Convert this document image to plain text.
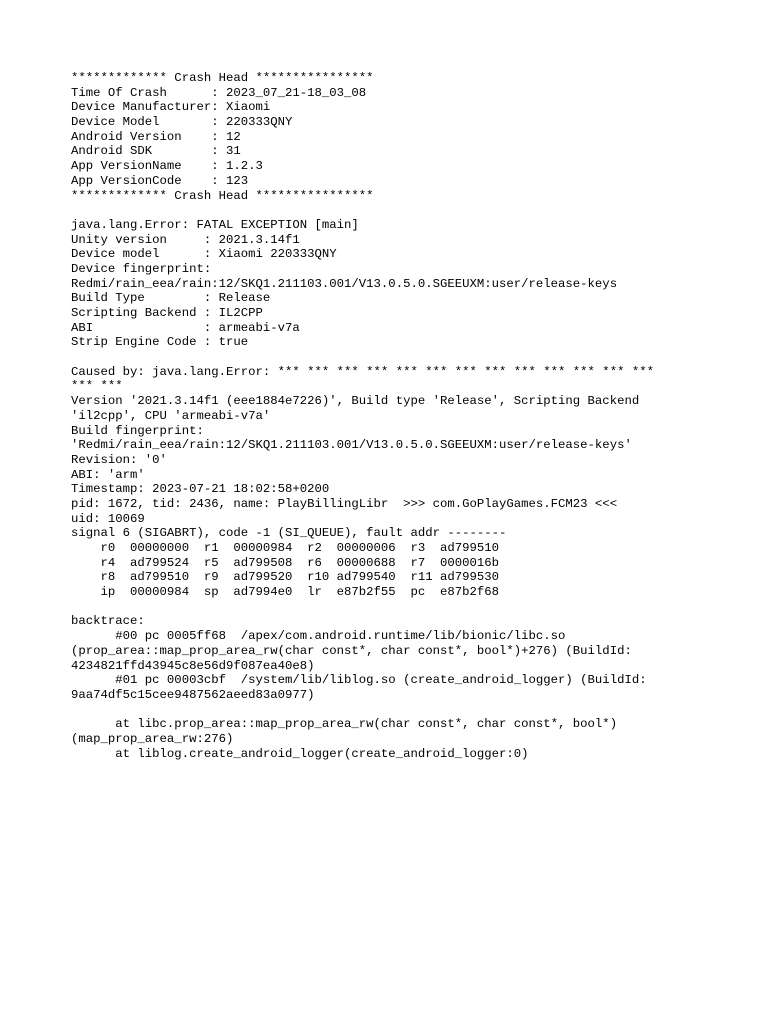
************* Crash Head ****************
Time Of Crash      : 2023_07_21-18_03_08
Device Manufacturer: Xiaomi
Device Model       : 220333QNY
Android Version    : 12
Android SDK        : 31
App VersionName    : 1.2.3
App VersionCode    : 123
************* Crash Head ****************
java.lang.Error: FATAL EXCEPTION [main]
Unity version     : 2021.3.14f1
Device model      : Xiaomi 220333QNY
Device fingerprint:
Redmi/rain_eea/rain:12/SKQ1.211103.001/V13.0.5.0.SGEEUXM:user/release-keys
Build Type        : Release
Scripting Backend : IL2CPP
ABI               : armeabi-v7a
Strip Engine Code : true
Caused by: java.lang.Error: *** *** *** *** *** *** *** *** *** *** *** *** ***
*** ***
Version '2021.3.14f1 (eee1884e7226)', Build type 'Release', Scripting Backend
'il2cpp', CPU 'armeabi-v7a'
Build fingerprint:
'Redmi/rain_eea/rain:12/SKQ1.211103.001/V13.0.5.0.SGEEUXM:user/release-keys'
Revision: '0'
ABI: 'arm'
Timestamp: 2023-07-21 18:02:58+0200
pid: 1672, tid: 2436, name: PlayBillingLibr  >>> com.GoPlayGames.FCM23 <<<
uid: 10069
signal 6 (SIGABRT), code -1 (SI_QUEUE), fault addr --------
r0  00000000  r1  00000984  r2  00000006  r3  ad799510
r4  ad799524  r5  ad799508  r6  00000688  r7  0000016b
r8  ad799510  r9  ad799520  r10 ad799540  r11 ad799530
ip  00000984  sp  ad7994e0  lr  e87b2f55  pc  e87b2f68
backtrace:
#00 pc 0005ff68  /apex/com.android.runtime/lib/bionic/libc.so
(prop_area::map_prop_area_rw(char const*, char const*, bool*)+276) (BuildId:
4234821ffd43945c8e56d9f087ea40e8)
#01 pc 00003cbf  /system/lib/liblog.so (create_android_logger) (BuildId:
9aa74df5c15cee9487562aeed83a0977)
at libc.prop_area::map_prop_area_rw(char const*, char const*, bool*)
(map_prop_area_rw:276)
at liblog.create_android_logger(create_android_logger:0)
